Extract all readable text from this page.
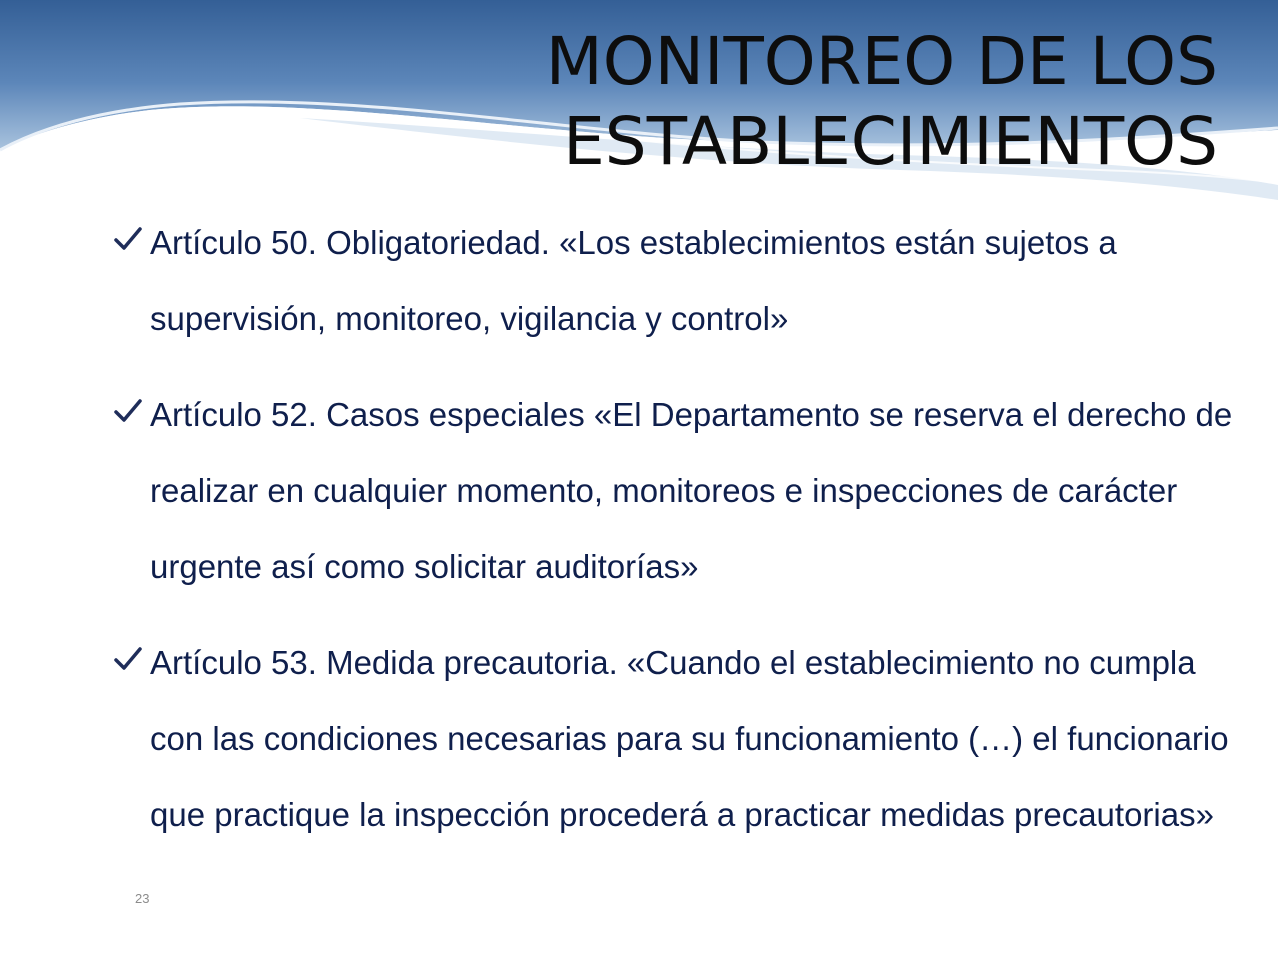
MONITOREO DE LOS
ESTABLECIMIENTOS
Artículo 50. Obligatoriedad. «Los establecimientos están sujetos a supervisión, monitoreo, vigilancia y control»
Artículo 52. Casos especiales «El Departamento se reserva el derecho de realizar en cualquier momento, monitoreos e inspecciones de carácter urgente así como solicitar auditorías»
Artículo 53. Medida precautoria. «Cuando el establecimiento no cumpla con las condiciones necesarias para su funcionamiento (…) el funcionario que practique la inspección procederá a practicar medidas precautorias»
23
